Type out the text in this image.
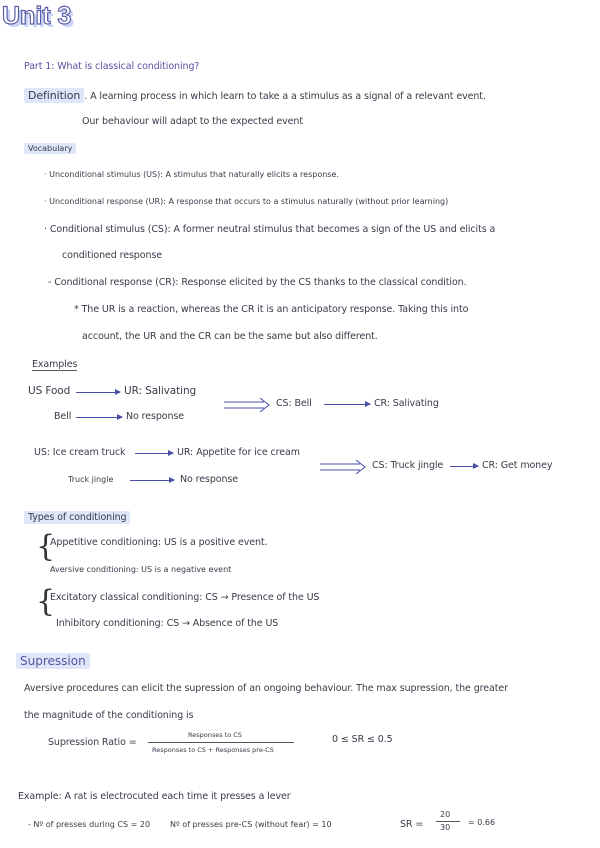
Unit 3
Part 1: What is classical conditioning?
Definition . A learning process in which learn to take a a stimulus as a signal of a relevant event.
Our behaviour will adapt to the expected event
Vocabulary
· Unconditional stimulus (US): A stimulus that naturally elicits a response.
· Unconditional response (UR): A response that occurs to a stimulus naturally (without prior learning)
· Conditional stimulus (CS): A former neutral stimulus that becomes a sign of the US and elicits a
conditioned response
- Conditional response (CR): Response elicited by the CS thanks to the classical condition.
* The UR is a reaction, whereas the CR it is an anticipatory response. Taking this into
account, the UR and the CR can be the same but also different.
Examples
US Food	UR: Salivating
Bell	No response
CS: Bell	CR: Salivating
US: Ice cream truck	UR: Appetite for ice cream
Truck jingle	No response
CS: Truck jingle	CR: Get money
Types of conditioning
{
Appetitive conditioning: US is a positive event.
Aversive conditioning: US is a negative event
{
Excitatory classical conditioning: CS → Presence of the US
Inhibitory conditioning: CS → Absence of the US
Supression
Aversive procedures can elicit the supression of an ongoing behaviour. The max supression, the greater
the magnitude of the conditioning is
Supression Ratio =
Responses to CS
Responses to CS + Responses pre-CS
0 ≤ SR ≤ 0.5
Example: A rat is electrocuted each time it presses a lever
- Nº of presses during CS = 20 Nº of presses pre-CS (without fear) = 10	SR =
20
30
= 0.66
